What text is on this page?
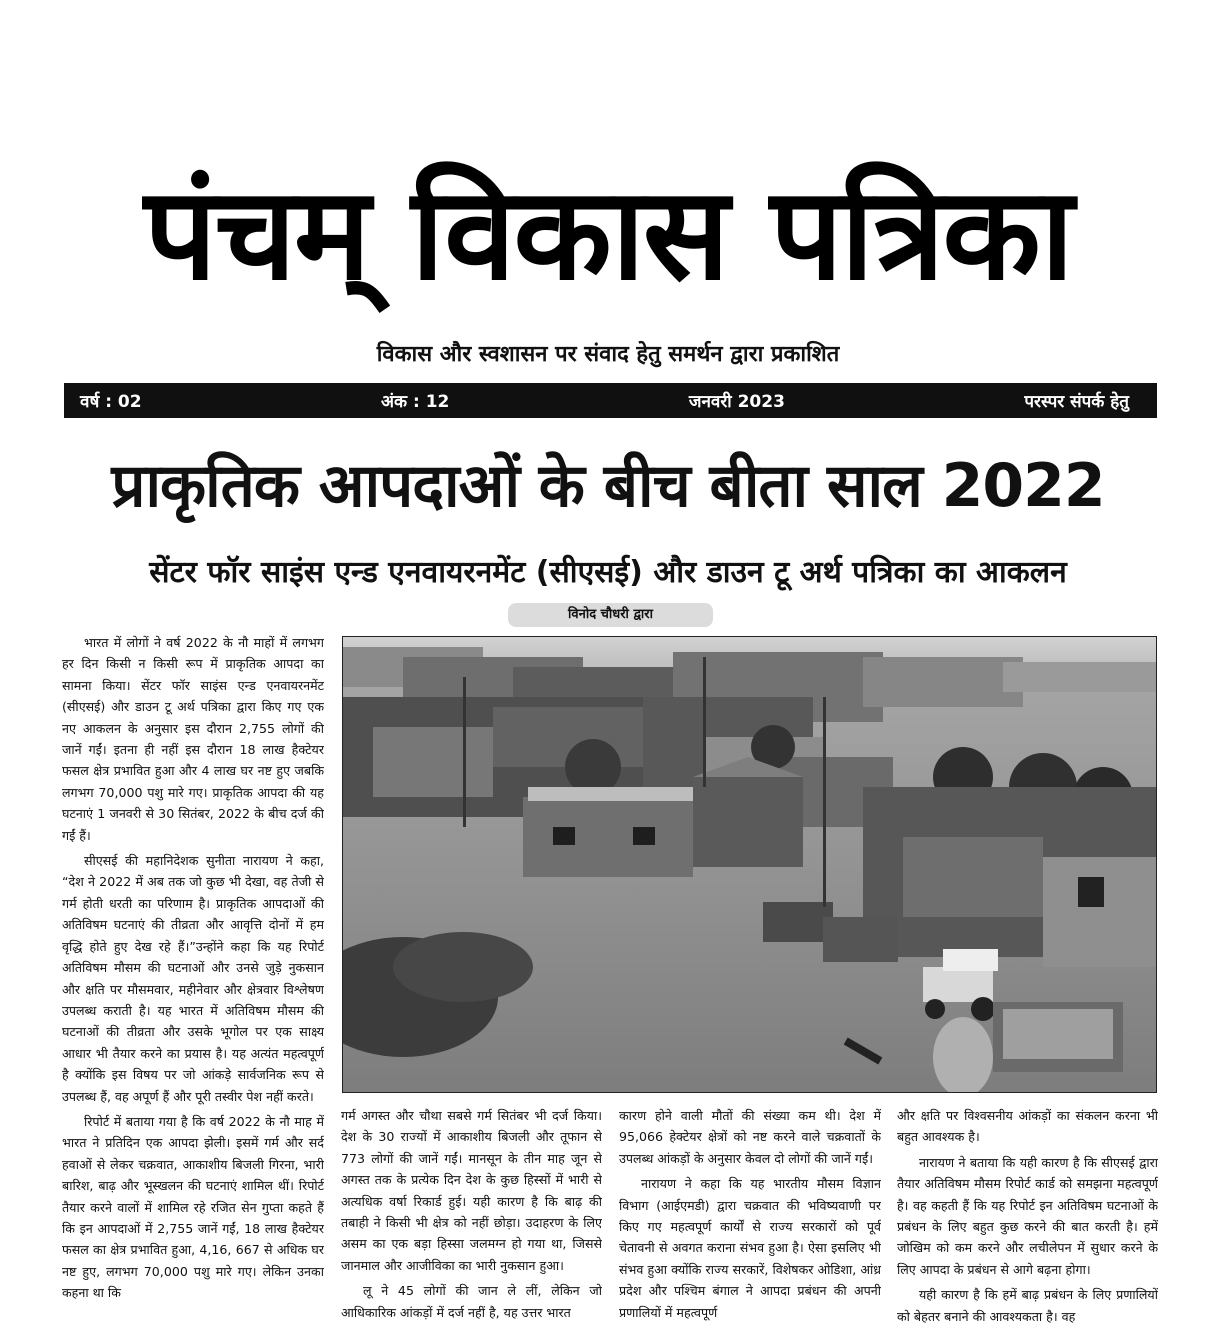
पंचम् विकास पत्रिका
विकास और स्वशासन पर संवाद हेतु समर्थन द्वारा प्रकाशित
वर्ष : 02	अंक : 12	जनवरी 2023	परस्पर संपर्क हेतु
प्राकृतिक आपदाओं के बीच बीता साल 2022
सेंटर फॉर साइंस एन्ड एनवायरनमेंट (सीएसई) और डाउन टू अर्थ पत्रिका का आकलन
विनोद चौधरी द्वारा

भारत में लोगों ने वर्ष 2022 के नौ माहों में लगभग हर दिन किसी न किसी रूप में प्राकृतिक आपदा का सामना किया। सेंटर फॉर साइंस एन्ड एनवायरनमेंट (सीएसई) और डाउन टू अर्थ पत्रिका द्वारा किए गए एक नए आकलन के अनुसार इस दौरान 2,755 लोगों की जानें गईं। इतना ही नहीं इस दौरान 18 लाख हैक्टेयर फसल क्षेत्र प्रभावित हुआ और 4 लाख घर नष्ट हुए जबकि लगभग 70,000 पशु मारे गए। प्राकृतिक आपदा की यह घटनाएं 1 जनवरी से 30 सितंबर, 2022 के बीच दर्ज की गईं हैं।

सीएसई की महानिदेशक सुनीता नारायण ने कहा, “देश ने 2022 में अब तक जो कुछ भी देखा, वह तेजी से गर्म होती धरती का परिणाम है। प्राकृतिक आपदाओं की अतिविषम घटनाएं की तीव्रता और आवृत्ति दोनों में हम वृद्धि होते हुए देख रहे हैं।”उन्होंने कहा कि यह रिपोर्ट अतिविषम मौसम की घटनाओं और उनसे जुड़े नुकसान और क्षति पर मौसमवार, महीनेवार और क्षेत्रवार विश्लेषण उपलब्ध कराती है। यह भारत में अतिविषम मौसम की घटनाओं की तीव्रता और उसके भूगोल पर एक साक्ष्य आधार भी तैयार करने का प्रयास है। यह अत्यंत महत्वपूर्ण है क्योंकि इस विषय पर जो आंकड़े सार्वजनिक रूप से उपलब्ध हैं, वह अपूर्ण हैं और पूरी तस्वीर पेश नहीं करते।

रिपोर्ट में बताया गया है कि वर्ष 2022 के नौ माह में भारत ने प्रतिदिन एक आपदा झेली। इसमें गर्म और सर्द हवाओं से लेकर चक्रवात, आकाशीय बिजली गिरना, भारी बारिश, बाढ़ और भूस्खलन की घटनाएं शामिल थीं। रिपोर्ट तैयार करने वालों में शामिल रहे रजित सेन गुप्ता कहते हैं कि इन आपदाओं में 2,755 जानें गईं, 18 लाख हैक्टेयर फसल का क्षेत्र प्रभावित हुआ, 4,16, 667 से अधिक घर नष्ट हुए, लगभग 70,000 पशु मारे गए। लेकिन उनका कहना था कि

गर्म अगस्त और चौथा सबसे गर्म सितंबर भी दर्ज किया। देश के 30 राज्यों में आकाशीय बिजली और तूफान से 773 लोगों की जानें गईं। मानसून के तीन माह जून से अगस्त तक के प्रत्येक दिन देश के कुछ हिस्सों में भारी से अत्यधिक वर्षा रिकार्ड हुई। यही कारण है कि बाढ़ की तबाही ने किसी भी क्षेत्र को नहीं छोड़ा। उदाहरण के लिए असम का एक बड़ा हिस्सा जलमग्न हो गया था, जिससे जानमाल और आजीविका का भारी नुकसान हुआ।

लू ने 45 लोगों की जान ले लीं, लेकिन जो आधिकारिक आंकड़ों में दर्ज नहीं है, यह उत्तर भारत

कारण होने वाली मौतों की संख्या कम थी। देश में 95,066 हेक्टेयर क्षेत्रों को नष्ट करने वाले चक्रवातों के उपलब्ध आंकड़ों के अनुसार केवल दो लोगों की जानें गईं।

नारायण ने कहा कि यह भारतीय मौसम विज्ञान विभाग (आईएमडी) द्वारा चक्रवात की भविष्यवाणी पर किए गए महत्वपूर्ण कार्यों से राज्य सरकारों को पूर्व चेतावनी से अवगत कराना संभव हुआ है। ऐसा इसलिए भी संभव हुआ क्योंकि राज्य सरकारें, विशेषकर ओडिशा, आंध्र प्रदेश और पश्चिम बंगाल ने आपदा प्रबंधन की अपनी प्रणालियों में महत्वपूर्ण

और क्षति पर विश्वसनीय आंकड़ों का संकलन करना भी बहुत आवश्यक है।

नारायण ने बताया कि यही कारण है कि सीएसई द्वारा तैयार अतिविषम मौसम रिपोर्ट कार्ड को समझना महत्वपूर्ण है। वह कहती हैं कि यह रिपोर्ट इन अतिविषम घटनाओं के प्रबंधन के लिए बहुत कुछ करने की बात करती है। हमें जोखिम को कम करने और लचीलेपन में सुधार करने के लिए आपदा के प्रबंधन से आगे बढ़ना होगा।

यही कारण है कि हमें बाढ़ प्रबंधन के लिए प्रणालियों को बेहतर बनाने की आवश्यकता है। वह
